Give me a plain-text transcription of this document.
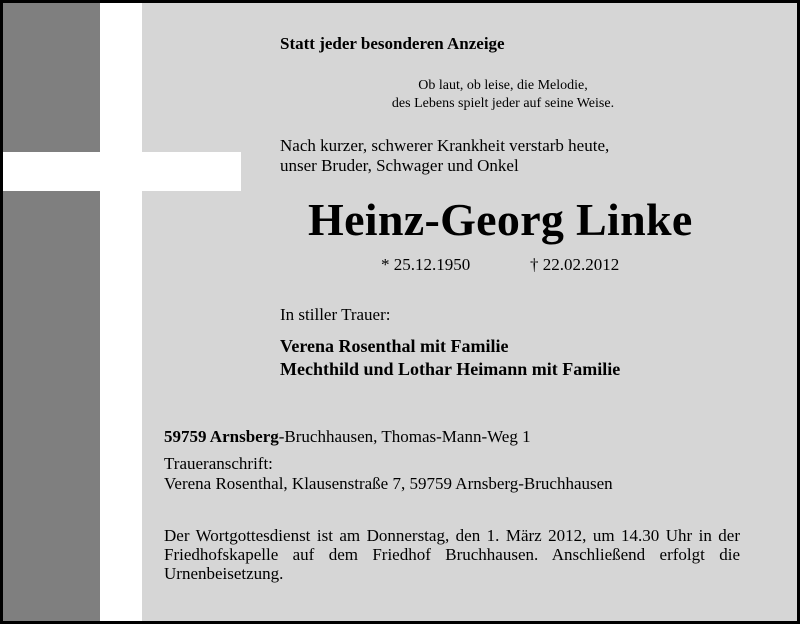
Statt jeder besonderen Anzeige
Ob laut, ob leise, die Melodie,
des Lebens spielt jeder auf seine Weise.
Nach kurzer, schwerer Krankheit verstarb heute,
unser Bruder, Schwager und Onkel
Heinz-Georg Linke
* 25.12.1950	† 22.02.2012
In stiller Trauer:
Verena Rosenthal mit Familie
Mechthild und Lothar Heimann mit Familie
59759 Arnsberg-Bruchhausen, Thomas-Mann-Weg 1
Traueranschrift:
Verena Rosenthal, Klausenstraße 7, 59759 Arnsberg-Bruchhausen
Der Wortgottesdienst ist am Donnerstag, den 1. März 2012, um 14.30 Uhr in der Friedhofskapelle auf dem Friedhof Bruchhausen. Anschließend erfolgt die Urnenbeisetzung.
